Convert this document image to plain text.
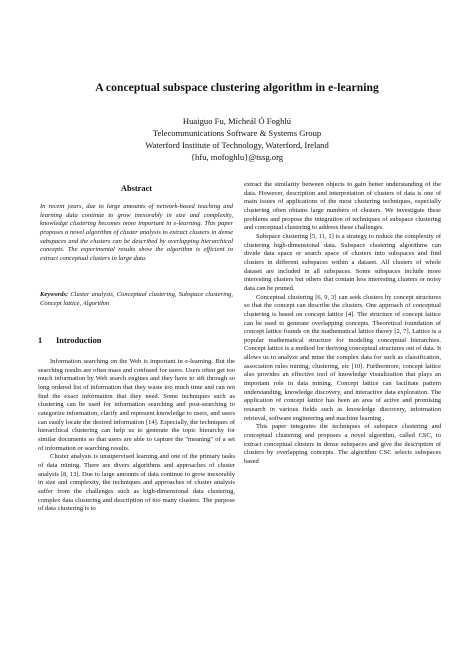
A conceptual subspace clustering algorithm in e-learning
Huaiguo Fu, Mícheál Ó Foghlú
Telecommunications Software & Systems Group
Waterford Institute of Technology, Waterford, Ireland
{hfu, mofoghlu}@tssg.org
Abstract
In recent years, due to large amounts of network-based teaching and learning data continue to grow inexorably in size and complexity, knowledge clustering becomes more important in e-learning. This paper proposes a novel algorithm of cluster analysis to extract clusters in dense subspaces and the clusters can be described by overlapping hierarchical concepts. The experimental results show the algorithm is efficient to extract conceptual clusters in large data.
Keywords: Cluster analysis, Conceptual clustering, Subspace clustering, Concept lattice, Algorithm
1 Introduction

Information searching on the Web is important in e-learning. But the searching results are often mass and confused for users. Users often get too much information by Web search engines and they have to sift through so long ordered list of information that they waste too much time and can not find the exact information that they need. Some techniques such as clustering can be used for information searching and post-searching to categorize information, clarify and represent knowledge to users, and users can easily locate the desired information [14]. Especially, the techniques of hierarchical clustering can help us to generate the topic hierarchy for similar documents so that users are able to capture the "meaning" of a set of information or searching results.

Cluster analysis is unsupervised learning and one of the primary tasks of data mining. There are divers algorithms and approaches of cluster analysis [8, 13]. Due to large amounts of data continue to grow inexorably in size and complexity, the techniques and approaches of cluster analysis suffer from the challenges such as high-dimensional data clustering, complex data clustering and description of too many clusters. The purpose of data clustering is to

extract the similarity between objects to gain better understanding of the data. However, description and interpretation of clusters of data is one of main issues of applications of the most clustering techniques, especially clustering often obtains large numbers of clusters. We investigate these problems and propose the integration of techniques of subspace clustering and conceptual clustering to address these challenges.

Subspace clustering [5, 11, 1] is a strategy to reduce the complexity of clustering high-dimensional data. Subspace clustering algorithms can divide data space or search space of clusters into subspaces and find clusters in different subspaces within a dataset. All clusters of whole dataset are included in all subspaces. Some subspaces include more interesting clusters but others that contain less interesting clusters or noisy data can be pruned.

Conceptual clustering [6, 9, 3] can seek clusters by concept structures so that the concept can describe the clusters. One approach of conceptual clustering is based on concept lattice [4]. The structure of concept lattice can be used to generate overlapping concepts. Theoretical foundation of concept lattice founds on the mathematical lattice theory [2, 7]. Lattice is a popular mathematical structure for modeling conceptual hierarchies. Concept lattice is a method for deriving conceptual structures out of data. It allows us to analyze and mine the complex data for such as classification, association rules mining, clustering, etc [10]. Furthermore, concept lattice also provides an effective tool of knowledge visualization that plays an important role in data mining. Concept lattice can facilitate pattern understanding, knowledge discovery, and interactive data exploration. The application of concept lattice has been an area of active and promising research in various fields such as knowledge discovery, information retrieval, software engineering and machine learning .

This paper integrates the techniques of subspace clustering and conceptual clustering and proposes a novel algorithm, called CSC, to extract conceptual clusters in dense subspaces and give the description of clusters by overlapping concepts. The algorithm CSC selects subspaces based
